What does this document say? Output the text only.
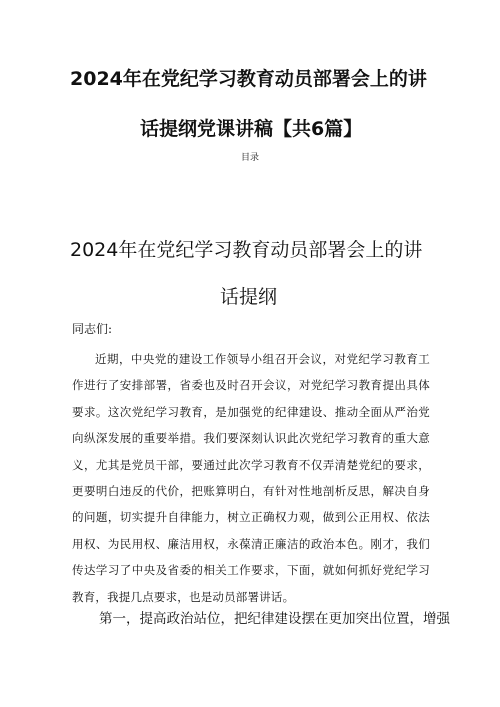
2024年在党纪学习教育动员部署会上的讲
话提纲党课讲稿【共6篇】
目录
2024年在党纪学习教育动员部署会上的讲
话提纲
同志们:

近期，中央党的建设工作领导小组召开会议，对党纪学习教育工作进行了安排部署，省委也及时召开会议，对党纪学习教育提出具体要求。这次党纪学习教育，是加强党的纪律建设、推动全面从严治党向纵深发展的重要举措。我们要深刻认识此次党纪学习教育的重大意义，尤其是党员干部，要通过此次学习教育不仅弄清楚党纪的要求，更要明白违反的代价，把账算明白，有针对性地剖析反思，解决自身的问题，切实提升自律能力，树立正确权力观，做到公正用权、依法用权、为民用权、廉洁用权，永葆清正廉洁的政治本色。刚才，我们传达学习了中央及省委的相关工作要求，下面，就如何抓好党纪学习教育，我提几点要求，也是动员部署讲话。

第一，提高政治站位，把纪律建设摆在更加突出位置，增强
